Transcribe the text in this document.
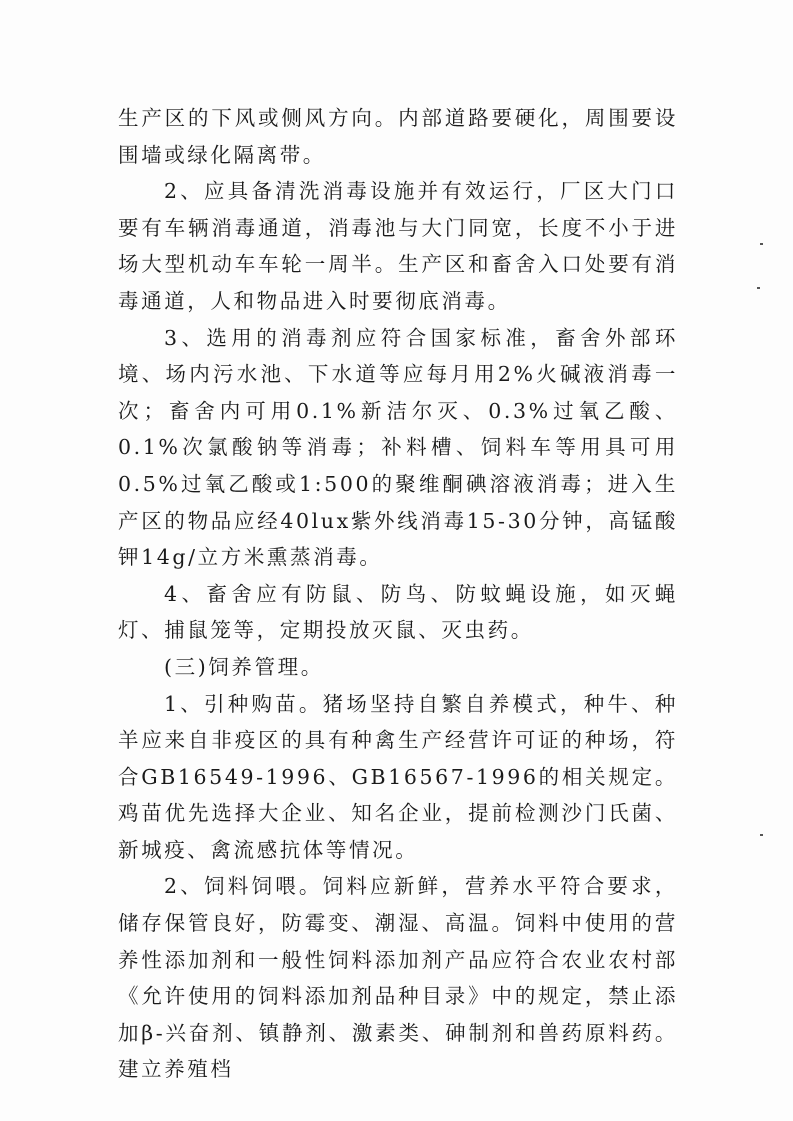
生产区的下风或侧风方向。内部道路要硬化，周围要设围墙或绿化隔离带。

2、应具备清洗消毒设施并有效运行，厂区大门口要有车辆消毒通道，消毒池与大门同宽，长度不小于进场大型机动车车轮一周半。生产区和畜舍入口处要有消毒通道，人和物品进入时要彻底消毒。

3、选用的消毒剂应符合国家标准，畜舍外部环境、场内污水池、下水道等应每月用2%火碱液消毒一次；畜舍内可用0.1%新洁尔灭、0.3%过氧乙酸、0.1%次氯酸钠等消毒；补料槽、饲料车等用具可用0.5%过氧乙酸或1:500的聚维酮碘溶液消毒；进入生产区的物品应经40lux紫外线消毒15-30分钟，高锰酸钾14g/立方米熏蒸消毒。

4、畜舍应有防鼠、防鸟、防蚊蝇设施，如灭蝇灯、捕鼠笼等，定期投放灭鼠、灭虫药。

(三)饲养管理。

1、引种购苗。猪场坚持自繁自养模式，种牛、种羊应来自非疫区的具有种禽生产经营许可证的种场，符合GB16549-1996、GB16567-1996的相关规定。鸡苗优先选择大企业、知名企业，提前检测沙门氏菌、新城疫、禽流感抗体等情况。

2、饲料饲喂。饲料应新鲜，营养水平符合要求，储存保管良好，防霉变、潮湿、高温。饲料中使用的营养性添加剂和一般性饲料添加剂产品应符合农业农村部《允许使用的饲料添加剂品种目录》中的规定，禁止添加β-兴奋剂、镇静剂、激素类、砷制剂和兽药原料药。建立养殖档
